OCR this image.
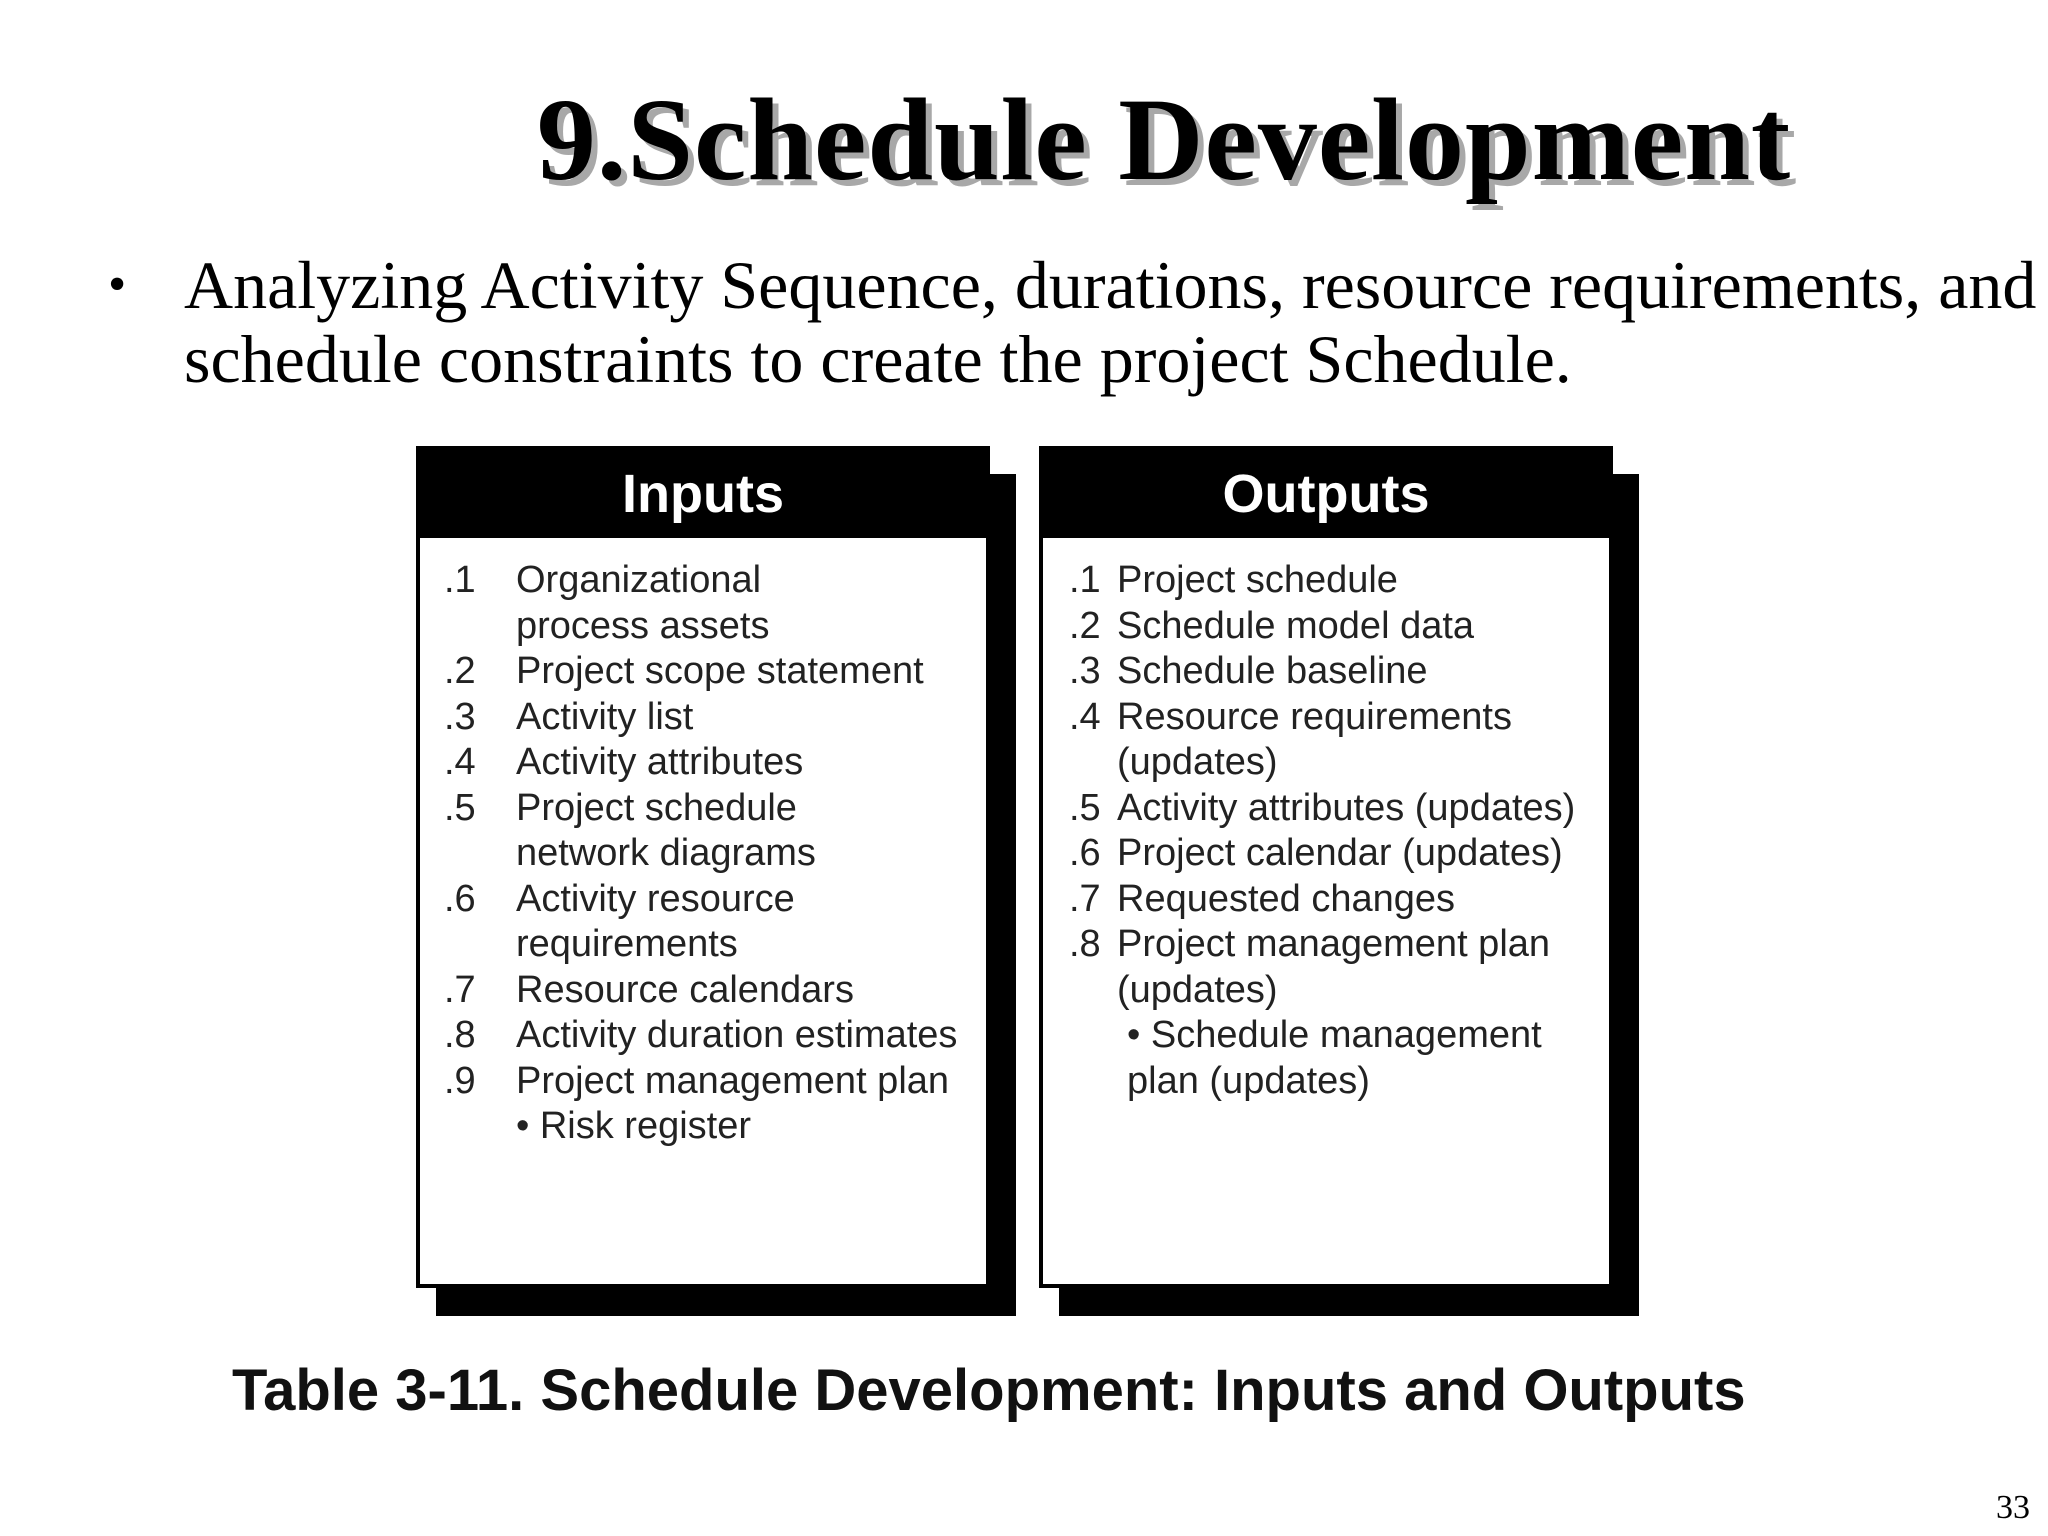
9.Schedule Development
• Analyzing Activity Sequence, durations, resource requirements, and schedule constraints to create the project Schedule.
Inputs
.1 Organizational process assets
.2 Project scope statement
.3 Activity list
.4 Activity attributes
.5 Project schedule network diagrams
.6 Activity resource requirements
.7 Resource calendars
.8 Activity duration estimates
.9 Project management plan
• Risk register
Outputs
.1 Project schedule
.2 Schedule model data
.3 Schedule baseline
.4 Resource requirements (updates)
.5 Activity attributes (updates)
.6 Project calendar (updates)
.7 Requested changes
.8 Project management plan (updates)
• Schedule management plan (updates)
Table 3-11. Schedule Development: Inputs and Outputs
33
